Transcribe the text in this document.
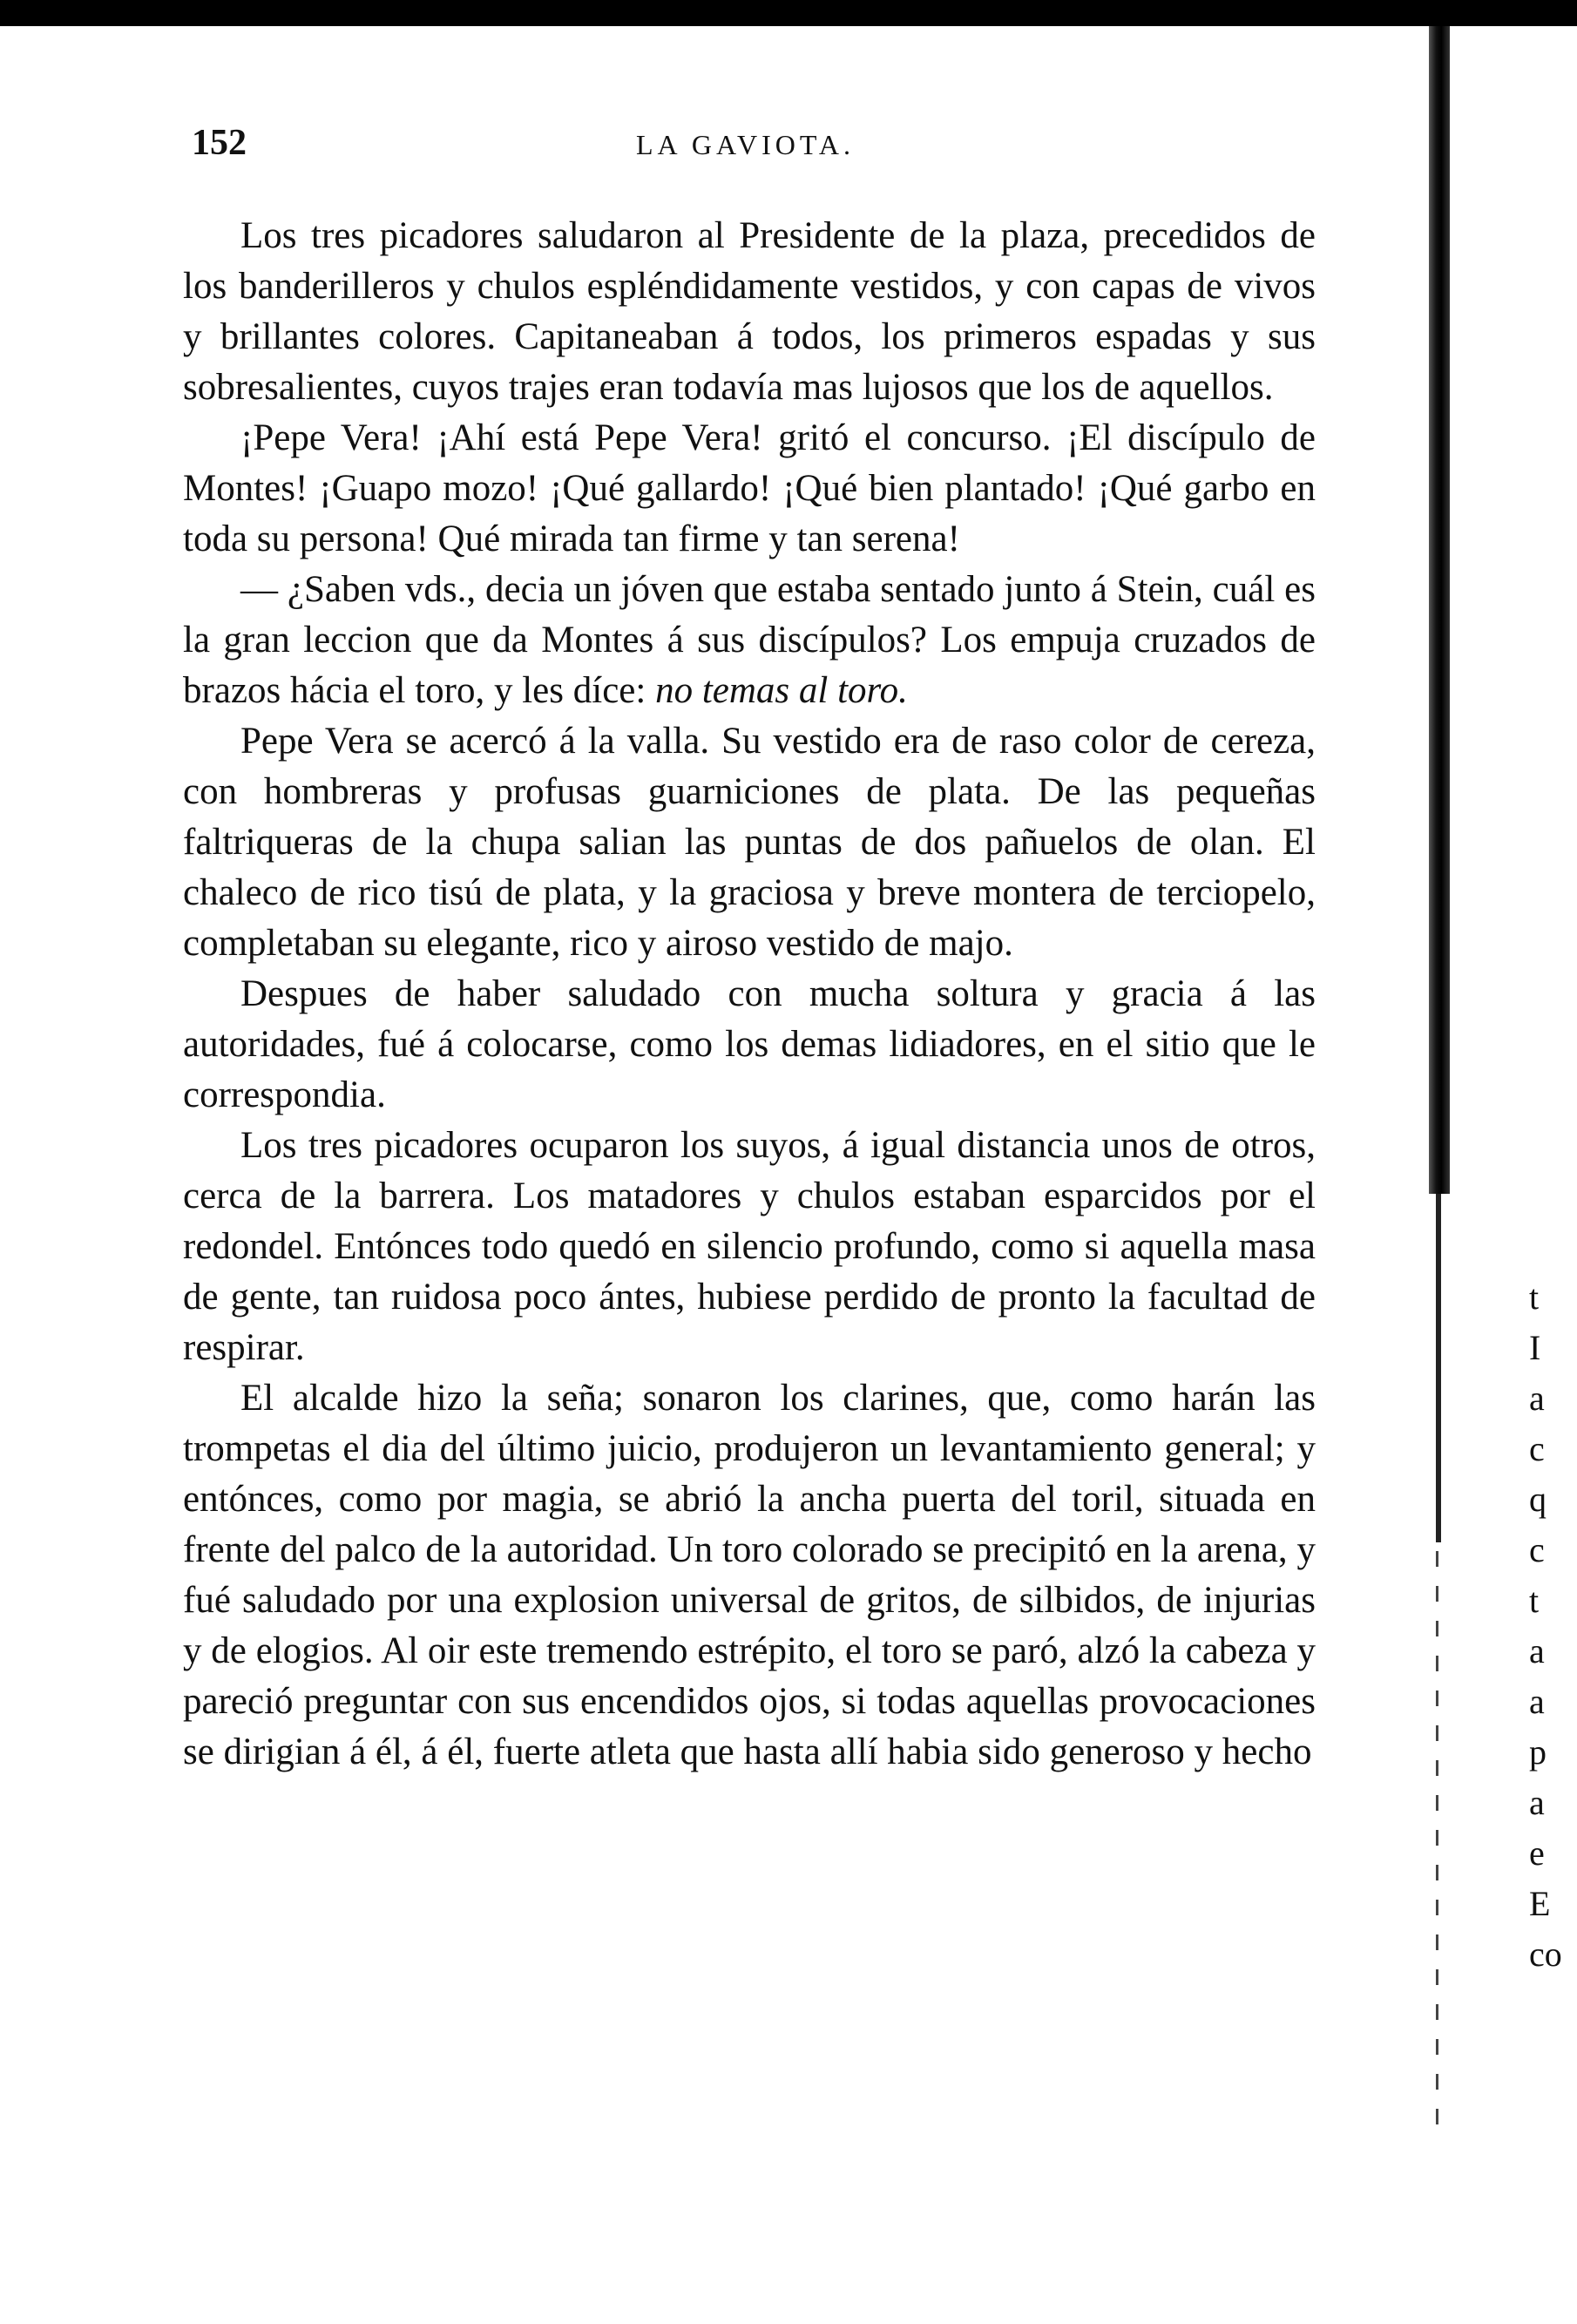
152	LA GAVIOTA.

Los tres picadores saludaron al Presidente de la plaza, precedidos de los banderilleros y chulos espléndidamente vestidos, y con capas de vivos y brillantes colores. Capitaneaban á todos, los primeros espadas y sus sobresalientes, cuyos trajes eran todavía mas lujosos que los de aquellos.

¡Pepe Vera! ¡Ahí está Pepe Vera! gritó el concurso. ¡El discípulo de Montes! ¡Guapo mozo! ¡Qué gallardo! ¡Qué bien plantado! ¡Qué garbo en toda su persona! Qué mirada tan firme y tan serena!

— ¿Saben vds., decia un jóven que estaba sentado junto á Stein, cuál es la gran leccion que da Montes á sus discípulos? Los empuja cruzados de brazos hácia el toro, y les díce: no temas al toro.

Pepe Vera se acercó á la valla. Su vestido era de raso color de cereza, con hombreras y profusas guarniciones de plata. De las pequeñas faltriqueras de la chupa salian las puntas de dos pañuelos de olan. El chaleco de rico tisú de plata, y la graciosa y breve montera de terciopelo, completaban su elegante, rico y airoso vestido de majo.

Despues de haber saludado con mucha soltura y gracia á las autoridades, fué á colocarse, como los demas lidiadores, en el sitio que le correspondia.

Los tres picadores ocuparon los suyos, á igual distancia unos de otros, cerca de la barrera. Los matadores y chulos estaban esparcidos por el redondel. Entónces todo quedó en silencio profundo, como si aquella masa de gente, tan ruidosa poco ántes, hubiese perdido de pronto la facultad de respirar.

El alcalde hizo la seña; sonaron los clarines, que, como harán las trompetas el dia del último juicio, produjeron un levantamiento general; y entónces, como por magia, se abrió la ancha puerta del toril, situada en frente del palco de la autoridad. Un toro colorado se precipitó en la arena, y fué saludado por una explosion universal de gritos, de silbidos, de injurias y de elogios. Al oir este tremendo estrépito, el toro se paró, alzó la cabeza y pareció preguntar con sus encendidos ojos, si todas aquellas provocaciones se dirigian á él, á él, fuerte atleta que hasta allí habia sido generoso y hecho

t
I
a
c
q
c
t
a
a
p
a
e
E
co
